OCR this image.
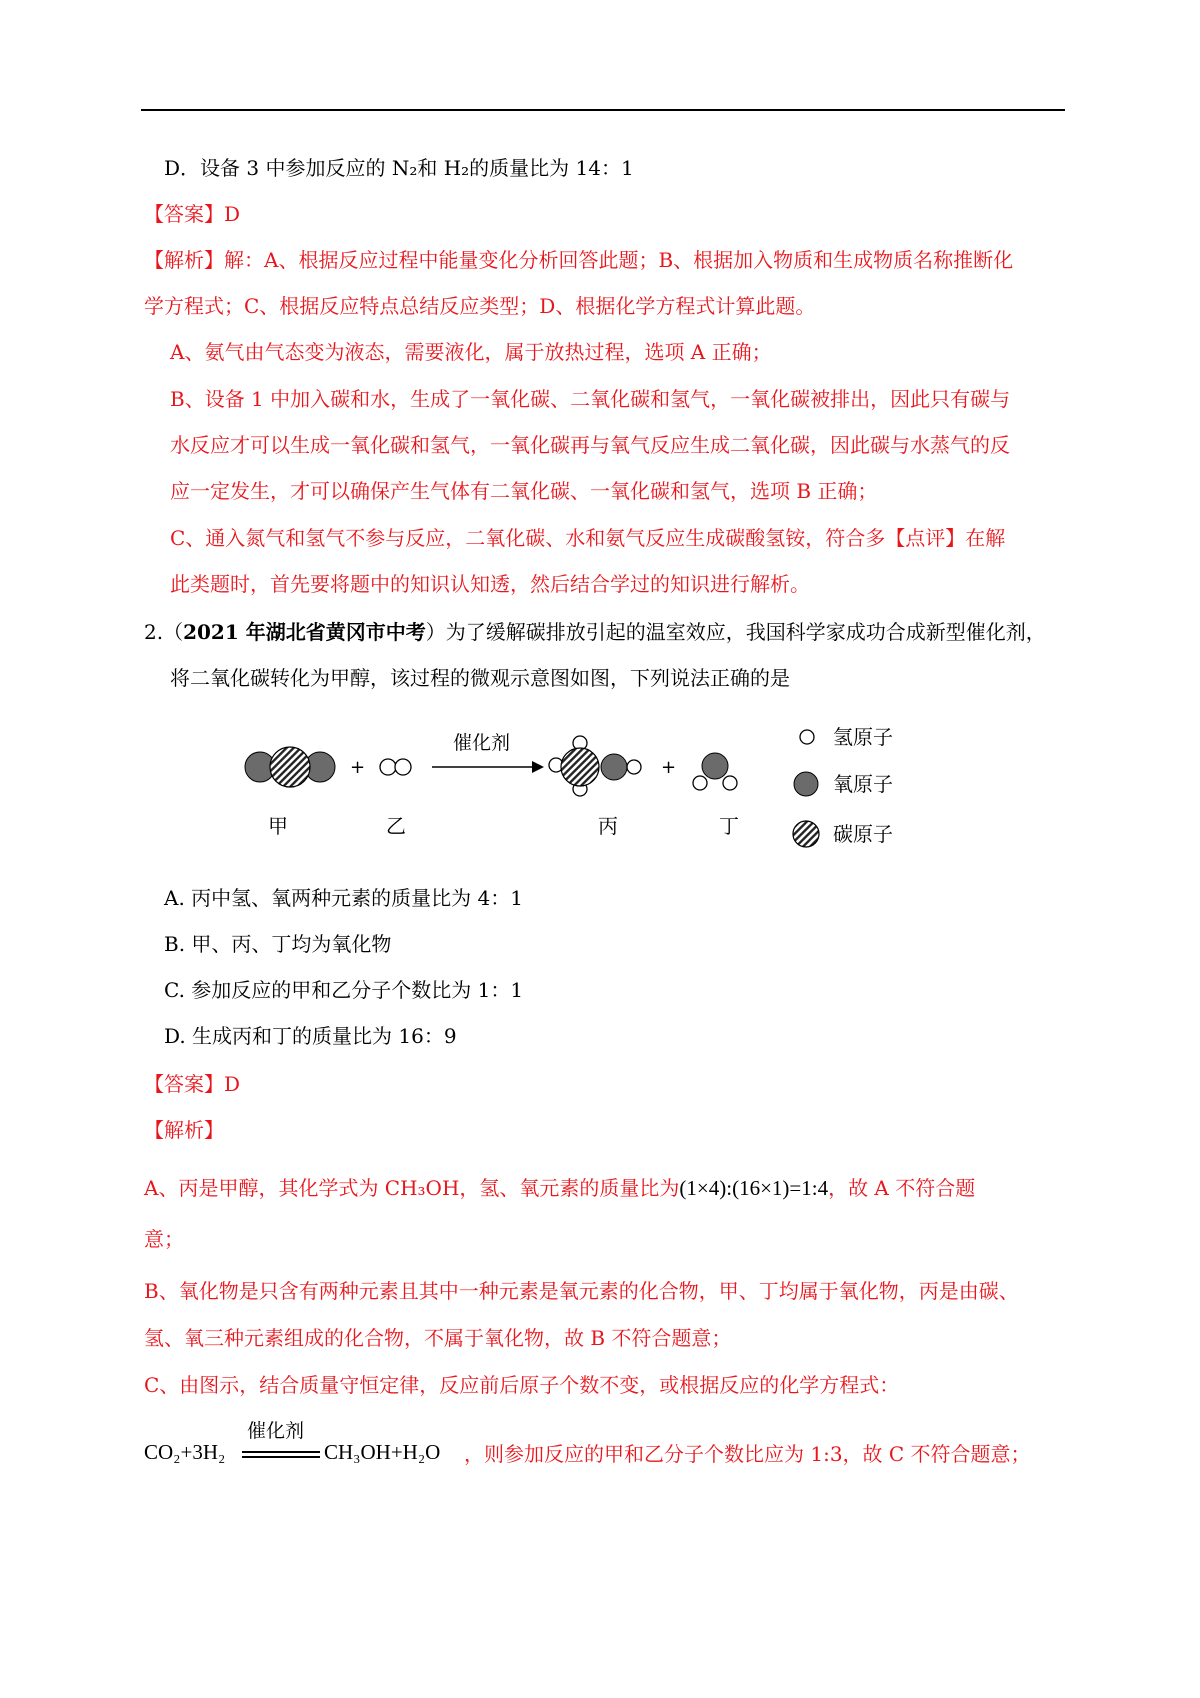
D．设备 3 中参加反应的 N₂和 H₂的质量比为 14：1
【答案】D
【解析】解：A、根据反应过程中能量变化分析回答此题；B、根据加入物质和生成物质名称推断化
学方程式；C、根据反应特点总结反应类型；D、根据化学方程式计算此题。
A、氨气由气态变为液态，需要液化，属于放热过程，选项 A 正确；
B、设备 1 中加入碳和水，生成了一氧化碳、二氧化碳和氢气，一氧化碳被排出，因此只有碳与
水反应才可以生成一氧化碳和氢气，一氧化碳再与氧气反应生成二氧化碳，因此碳与水蒸气的反
应一定发生，才可以确保产生气体有二氧化碳、一氧化碳和氢气，选项 B 正确；
C、通入氮气和氢气不参与反应，二氧化碳、水和氨气反应生成碳酸氢铵，符合多【点评】在解
此类题时，首先要将题中的知识认知透，然后结合学过的知识进行解析。
2.（2021 年湖北省黄冈市中考）为了缓解碳排放引起的温室效应，我国科学家成功合成新型催化剂，
将二氧化碳转化为甲醇，该过程的微观示意图如图，下列说法正确的是
+
催化剂
+
甲	乙	丙	丁
氢原子
氧原子
碳原子
A. 丙中氢、氧两种元素的质量比为 4：1
B. 甲、丙、丁均为氧化物
C. 参加反应的甲和乙分子个数比为 1：1
D. 生成丙和丁的质量比为 16：9
【答案】D
【解析】
A、丙是甲醇，其化学式为 CH₃OH，氢、氧元素的质量比为(1×4):(16×1)=1:4，故 A 不符合题
意；
B、氧化物是只含有两种元素且其中一种元素是氧元素的化合物，甲、丁均属于氧化物，丙是由碳、
氢、氧三种元素组成的化合物，不属于氧化物，故 B 不符合题意；
C、由图示，结合质量守恒定律，反应前后原子个数不变，或根据反应的化学方程式：
CO₂+3H₂
催化剂
CH₃OH+H₂O ，则参加反应的甲和乙分子个数比应为 1:3，故 C 不符合题意；
